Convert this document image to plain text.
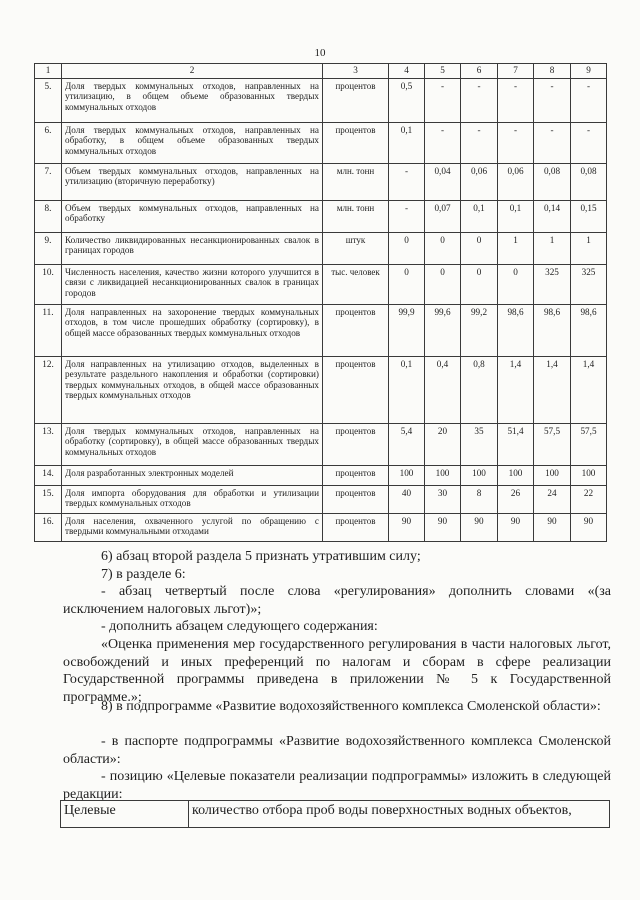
10
1	2	3	4	5	6	7	8	9
5.	Доля твердых коммунальных отходов, направленных на утилизацию, в общем объеме образованных твердых коммунальных отходов	процентов	0,5	-	-	-	-	-
6.	Доля твердых коммунальных отходов, направленных на обработку, в общем объеме образованных твердых коммунальных отходов	процентов	0,1	-	-	-	-	-
7.	Объем твердых коммунальных отходов, направленных на утилизацию (вторичную переработку)	млн. тонн	-	0,04	0,06	0,06	0,08	0,08
8.	Объем твердых коммунальных отходов, направленных на обработку	млн. тонн	-	0,07	0,1	0,1	0,14	0,15
9.	Количество ликвидированных несанкционированных свалок в границах городов	штук	0	0	0	1	1	1
10.	Численность населения, качество жизни которого улучшится в связи с ликвидацией несанкционированных свалок в границах городов	тыс. человек	0	0	0	0	325	325
11.	Доля направленных на захоронение твердых коммунальных отходов, в том числе прошедших обработку (сортировку), в общей массе образованных твердых коммунальных отходов	процентов	99,9	99,6	99,2	98,6	98,6	98,6
12.	Доля направленных на утилизацию отходов, выделенных в результате раздельного накопления и обработки (сортировки) твердых коммунальных отходов, в общей массе образованных твердых коммунальных отходов	процентов	0,1	0,4	0,8	1,4	1,4	1,4
13.	Доля твердых коммунальных отходов, направленных на обработку (сортировку), в общей массе образованных твердых коммунальных отходов	процентов	5,4	20	35	51,4	57,5	57,5
14.	Доля разработанных электронных моделей	процентов	100	100	100	100	100	100
15.	Доля импорта оборудования для обработки и утилизации твердых коммунальных отходов	процентов	40	30	8	26	24	22
16.	Доля населения, охваченного услугой по обращению с твердыми коммунальными отходами	процентов	90	90	90	90	90	90
6) абзац второй раздела 5 признать утратившим силу;
7) в разделе 6:
- абзац четвертый после слова «регулирования» дополнить словами «(за исключением налоговых льгот)»;
- дополнить абзацем следующего содержания:
«Оценка применения мер государственного регулирования в части налоговых льгот, освобождений и иных преференций по налогам и сборам в сфере реализации Государственной программы приведена в приложении № 5 к Государственной программе.»;
8) в подпрограмме «Развитие водохозяйственного комплекса Смоленской области»:
- в паспорте подпрограммы «Развитие водохозяйственного комплекса Смоленской области»:
- позицию «Целевые показатели реализации подпрограммы» изложить в следующей редакции:
Целевые	количество отбора проб воды поверхностных водных объектов,
